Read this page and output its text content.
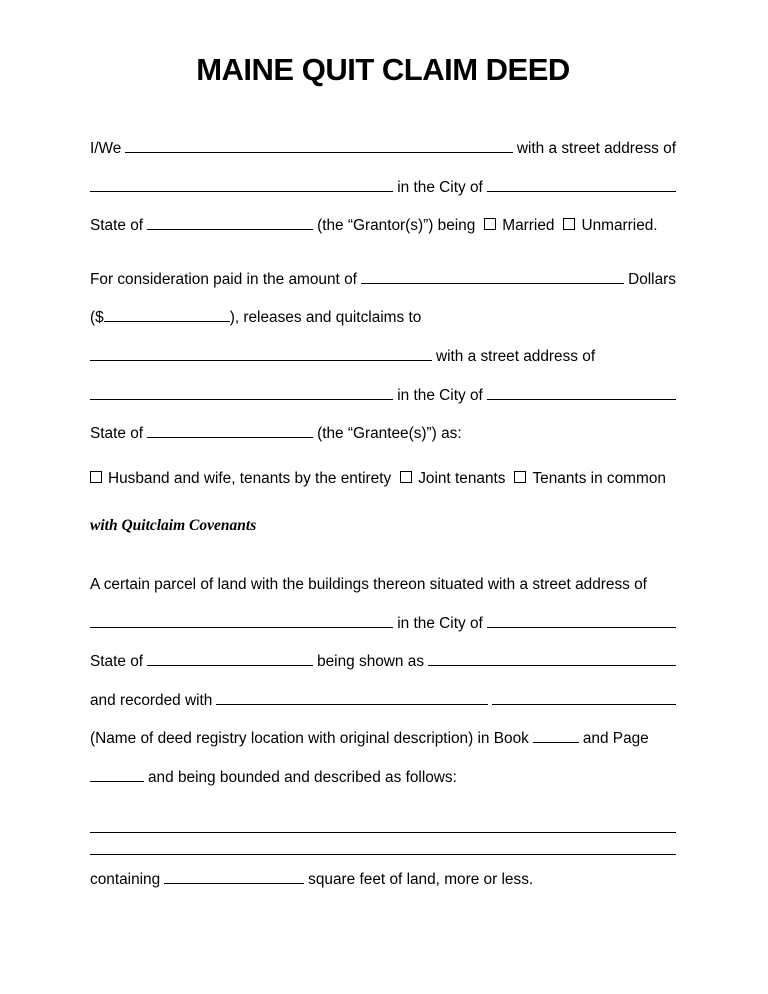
MAINE QUIT CLAIM DEED
I/We	with a street address of
in the City of
State of	(the “Grantor(s)”) being Married Unmarried.
For consideration paid in the amount of	Dollars
($	), releases and quitclaims to
with a street address of
in the City of
State of	(the “Grantee(s)”) as:
Husband and wife, tenants by the entirety Joint tenants Tenants in common
with Quitclaim Covenants
A certain parcel of land with the buildings thereon situated with a street address of
in the City of
State of	being shown as
and recorded with
(Name of deed registry location with original description) in Book	and Page
and being bounded and described as follows:
containing	square feet of land, more or less.
